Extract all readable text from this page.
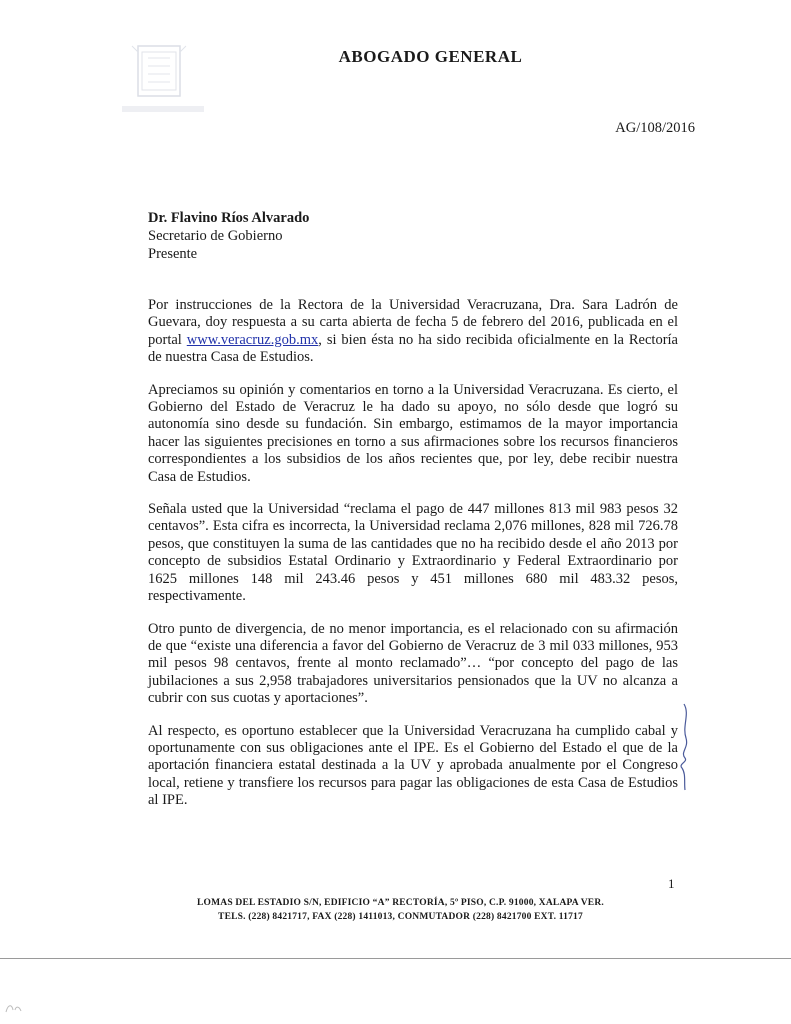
ABOGADO GENERAL
AG/108/2016
Dr. Flavino Ríos Alvarado
Secretario de Gobierno
Presente

Por instrucciones de la Rectora de la Universidad Veracruzana, Dra. Sara Ladrón de Guevara, doy respuesta a su carta abierta de fecha 5 de febrero del 2016, publicada en el portal www.veracruz.gob.mx, si bien ésta no ha sido recibida oficialmente en la Rectoría de nuestra Casa de Estudios.

Apreciamos su opinión y comentarios en torno a la Universidad Veracruzana. Es cierto, el Gobierno del Estado de Veracruz le ha dado su apoyo, no sólo desde que logró su autonomía sino desde su fundación. Sin embargo, estimamos de la mayor importancia hacer las siguientes precisiones en torno a sus afirmaciones sobre los recursos financieros correspondientes a los subsidios de los años recientes que, por ley, debe recibir nuestra Casa de Estudios.

Señala usted que la Universidad “reclama el pago de 447 millones 813 mil 983 pesos 32 centavos”. Esta cifra es incorrecta, la Universidad reclama 2,076 millones, 828 mil 726.78 pesos, que constituyen la suma de las cantidades que no ha recibido desde el año 2013 por concepto de subsidios Estatal Ordinario y Extraordinario y Federal Extraordinario por 1625 millones 148 mil 243.46 pesos y 451 millones 680 mil 483.32 pesos, respectivamente.

Otro punto de divergencia, de no menor importancia, es el relacionado con su afirmación de que “existe una diferencia a favor del Gobierno de Veracruz de 3 mil 033 millones, 953 mil pesos 98 centavos, frente al monto reclamado”… “por concepto del pago de las jubilaciones a sus 2,958 trabajadores universitarios pensionados que la UV no alcanza a cubrir con sus cuotas y aportaciones”.

Al respecto, es oportuno establecer que la Universidad Veracruzana ha cumplido cabal y oportunamente con sus obligaciones ante el IPE. Es el Gobierno del Estado el que de la aportación financiera estatal destinada a la UV y aprobada anualmente por el Congreso local, retiene y transfiere los recursos para pagar las obligaciones de esta Casa de Estudios al IPE.

1
LOMAS DEL ESTADIO S/N, EDIFICIO “A” RECTORÍA, 5º PISO, C.P. 91000, XALAPA VER.
TELS. (228) 8421717, FAX (228) 1411013, CONMUTADOR (228) 8421700 EXT. 11717
